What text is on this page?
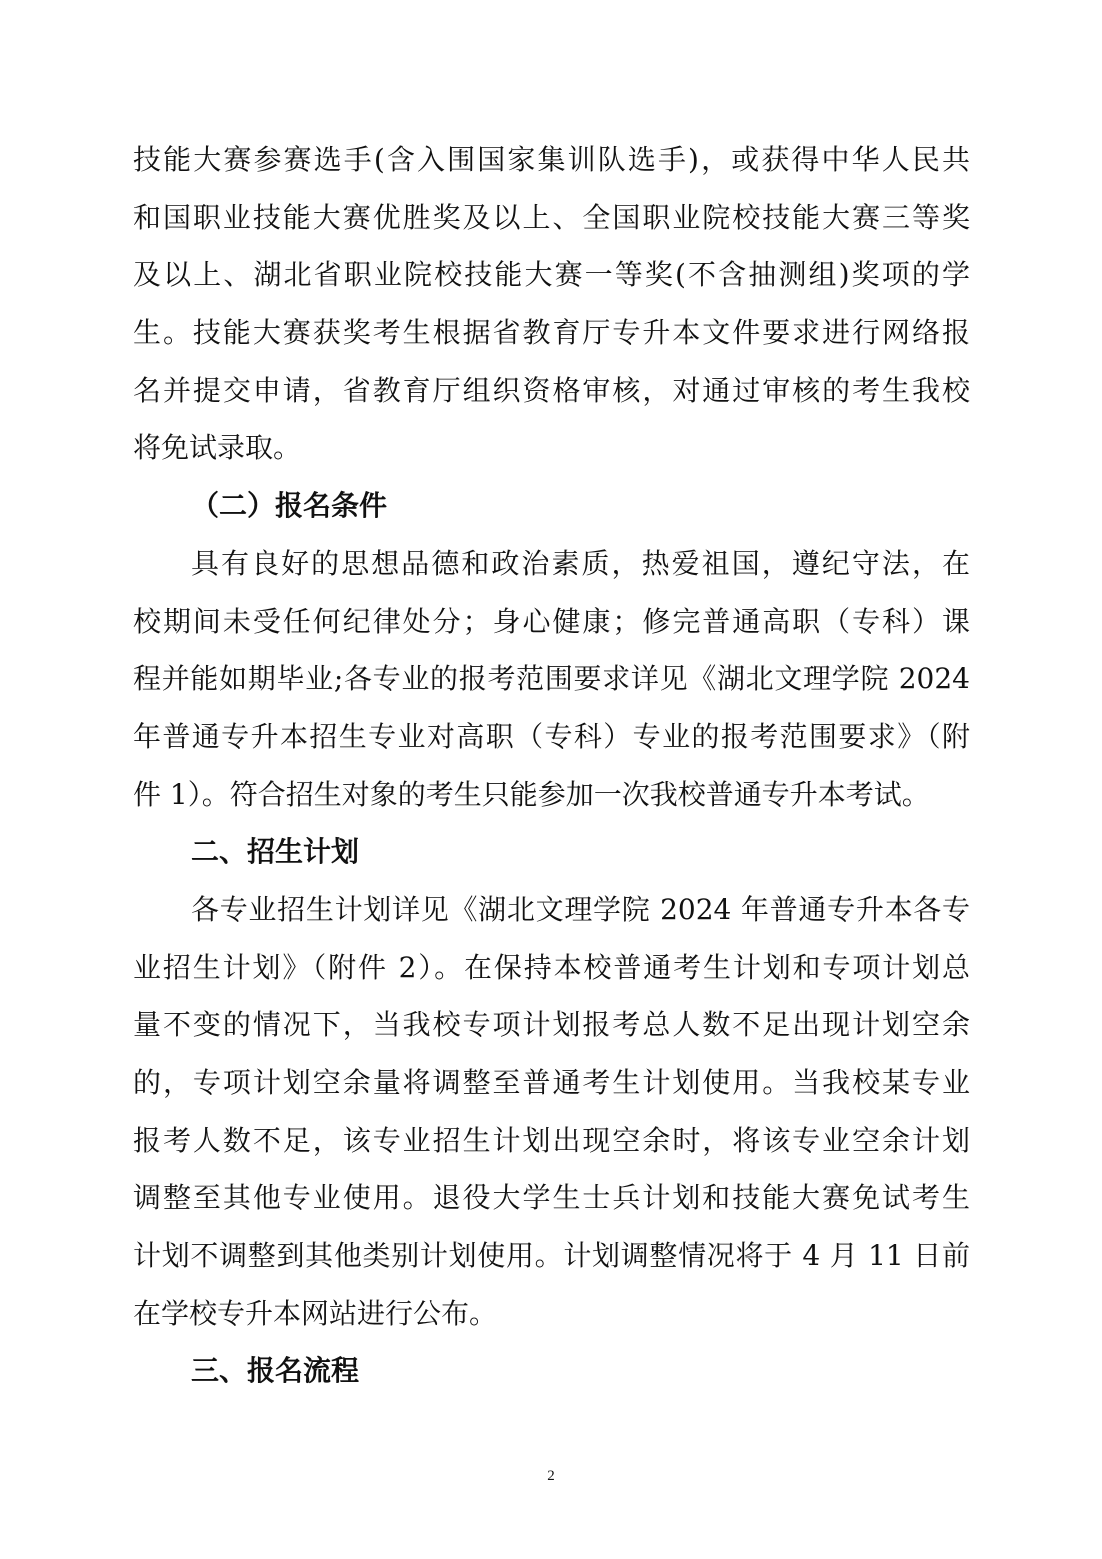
技能大赛参赛选手(含入围国家集训队选手)，或获得中华人民共
和国职业技能大赛优胜奖及以上、全国职业院校技能大赛三等奖
及以上、湖北省职业院校技能大赛一等奖(不含抽测组)奖项的学
生。技能大赛获奖考生根据省教育厅专升本文件要求进行网络报
名并提交申请，省教育厅组织资格审核，对通过审核的考生我校
将免试录取。
（二）报名条件
具有良好的思想品德和政治素质，热爱祖国，遵纪守法，在
校期间未受任何纪律处分；身心健康；修完普通高职（专科）课
程并能如期毕业;各专业的报考范围要求详见《湖北文理学院 2024
年普通专升本招生专业对高职（专科）专业的报考范围要求》（附
件 1）。符合招生对象的考生只能参加一次我校普通专升本考试。
二、招生计划
各专业招生计划详见《湖北文理学院 2024 年普通专升本各专
业招生计划》（附件 2）。在保持本校普通考生计划和专项计划总
量不变的情况下，当我校专项计划报考总人数不足出现计划空余
的，专项计划空余量将调整至普通考生计划使用。当我校某专业
报考人数不足，该专业招生计划出现空余时，将该专业空余计划
调整至其他专业使用。退役大学生士兵计划和技能大赛免试考生
计划不调整到其他类别计划使用。计划调整情况将于 4 月 11 日前
在学校专升本网站进行公布。
三、报名流程
2
